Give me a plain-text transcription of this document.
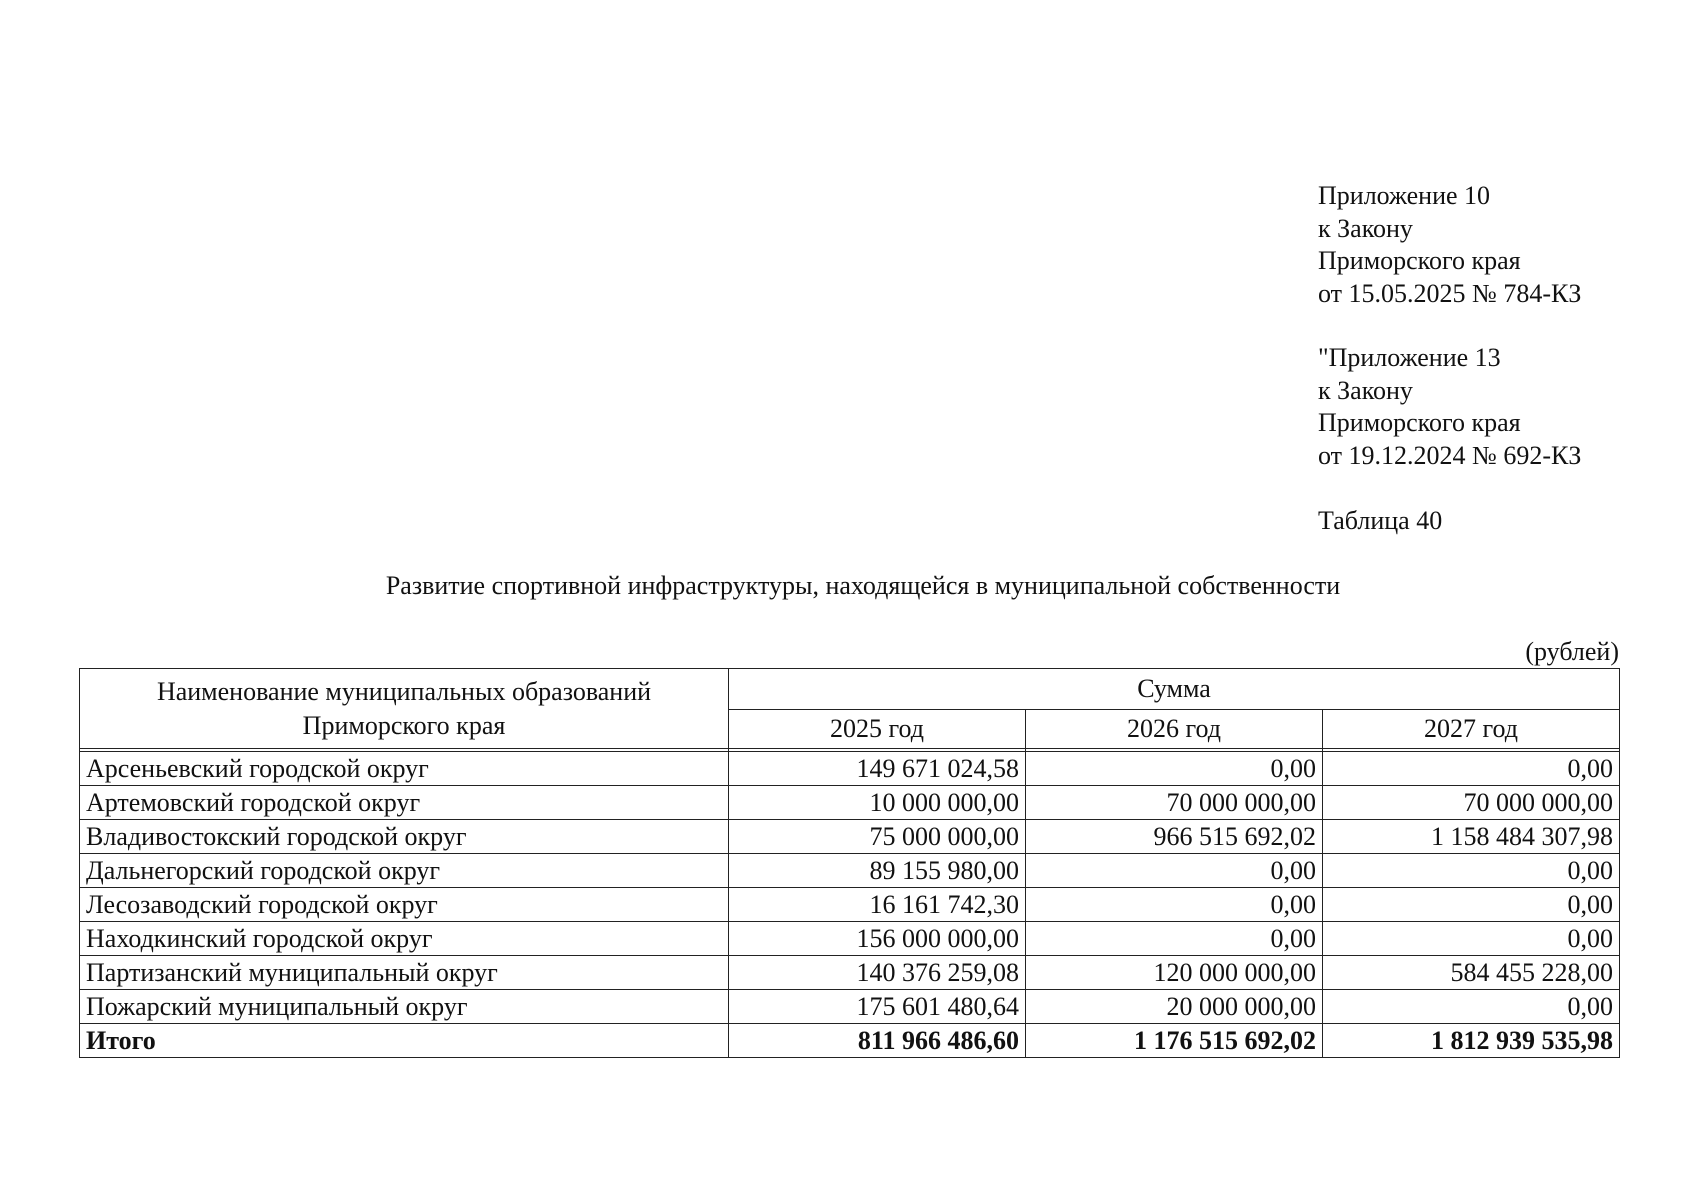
Приложение 10
к Закону
Приморского края
от 15.05.2025 № 784-КЗ
"Приложение 13
к Закону
Приморского края
от 19.12.2024 № 692-КЗ
Таблица 40
Развитие спортивной инфраструктуры, находящейся в муниципальной собственности
(рублей)
Наименование муниципальных образований
Приморского края	Сумма		
	2025 год	2026 год	2027 год

Арсеньевский городской округ	149 671 024,58	0,00	0,00
Артемовский городской округ	10 000 000,00	70 000 000,00	70 000 000,00
Владивостокский городской округ	75 000 000,00	966 515 692,02	1 158 484 307,98
Дальнегорский городской округ	89 155 980,00	0,00	0,00
Лесозаводский городской округ	16 161 742,30	0,00	0,00
Находкинский городской округ	156 000 000,00	0,00	0,00
Партизанский муниципальный округ	140 376 259,08	120 000 000,00	584 455 228,00
Пожарский муниципальный округ	175 601 480,64	20 000 000,00	0,00
Итого	811 966 486,60	1 176 515 692,02	1 812 939 535,98
